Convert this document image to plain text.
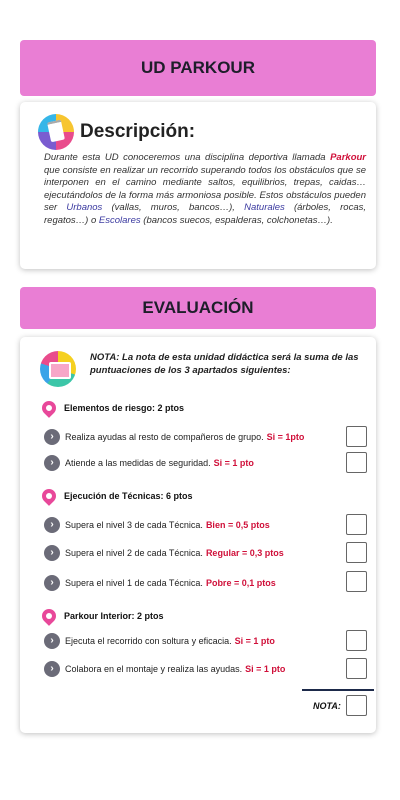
UD PARKOUR
Descripción:

Durante esta UD conoceremos una disciplina deportiva llamada Parkour que consiste en realizar un recorrido superando todos los obstáculos que se interponen en el camino mediante saltos, equilibrios, trepas, caidas… ejecutándolos de la forma más armoniosa posible. Estos obstáculos pueden ser Urbanos (vallas, muros, bancos…), Naturales (árboles, rocas, regatos…) o Escolares (bancos suecos, espalderas, colchonetas…).

EVALUACIÓN
NOTA: La nota de esta unidad didáctica será la suma de las puntuaciones de los 3 apartados siguientes:
Elementos de riesgo: 2 ptos
›	Realiza ayudas al resto de compañeros de grupo. Si = 1pto
›	Atiende a las medidas de seguridad. Si = 1 pto
Ejecución de Técnicas: 6 ptos
›	Supera el nivel 3 de cada Técnica. Bien = 0,5 ptos
›	Supera el nivel 2 de cada Técnica. Regular = 0,3 ptos
›	Supera el nivel 1 de cada Técnica. Pobre = 0,1 ptos
Parkour Interior: 2 ptos
›	Ejecuta el recorrido con soltura y eficacia. Si = 1 pto
›	Colabora en el montaje y realiza las ayudas. Si = 1 pto
NOTA:
